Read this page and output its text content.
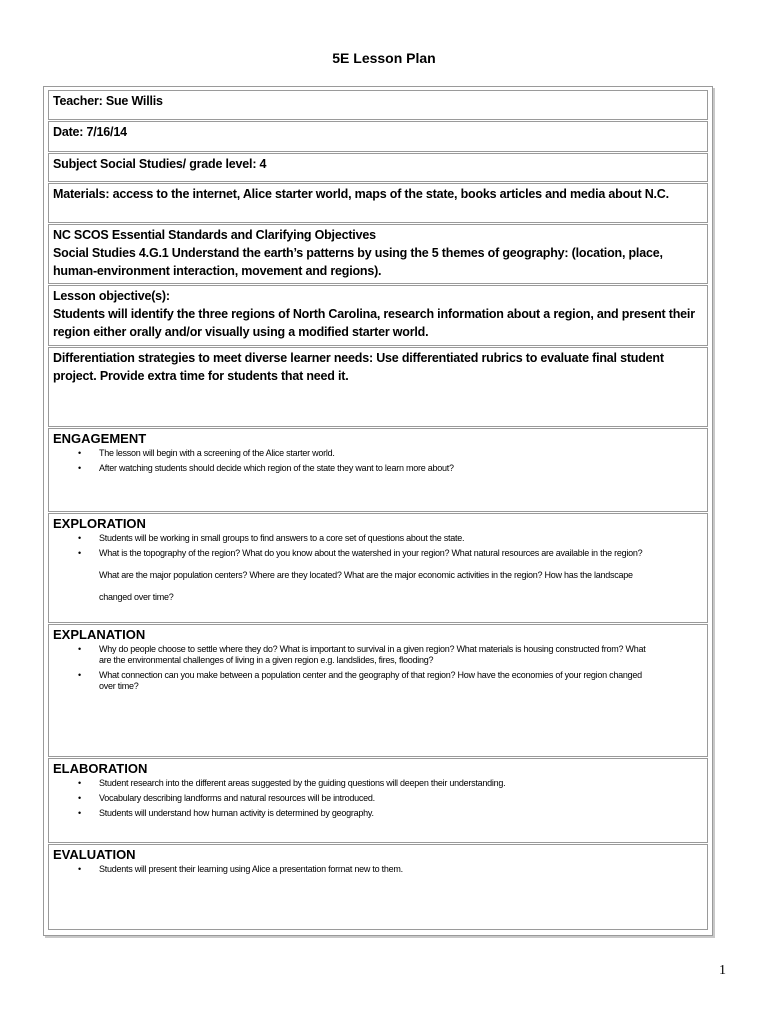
5E Lesson Plan
Teacher: Sue Willis
Date: 7/16/14
Subject Social Studies/ grade level: 4
Materials: access to the internet, Alice starter world, maps of the state, books articles and media about N.C.
NC SCOS Essential Standards and Clarifying Objectives
Social Studies 4.G.1 Understand the earth’s patterns by using the 5 themes of geography: (location, place,
human-environment interaction, movement and regions).
Lesson objective(s):
Students will identify the three regions of North Carolina, research information about a region, and present their
region either orally and/or visually using a modified starter world.
Differentiation strategies to meet diverse learner needs: Use differentiated rubrics to evaluate final student
project. Provide extra time for students that need it.
ENGAGEMENT
• The lesson will begin with a screening of the Alice starter world.
• After watching students should decide which region of the state they want to learn more about?
EXPLORATION
• Students will be working in small groups to find answers to a core set of questions about the state.
• What is the topography of the region? What do you know about the watershed in your region? What natural resources are available in the region?
What are the major population centers? Where are they located? What are the major economic activities in the region? How has the landscape
changed over time?
EXPLANATION
• Why do people choose to settle where they do? What is important to survival in a given region? What materials is housing constructed from? What
are the environmental challenges of living in a given region e.g. landslides, fires, flooding?
• What connection can you make between a population center and the geography of that region? How have the economies of your region changed
over time?
ELABORATION
• Student research into the different areas suggested by the guiding questions will deepen their understanding.
• Vocabulary describing landforms and natural resources will be introduced.
• Students will understand how human activity is determined by geography.
EVALUATION
• Students will present their learning using Alice a presentation format new to them.
1
